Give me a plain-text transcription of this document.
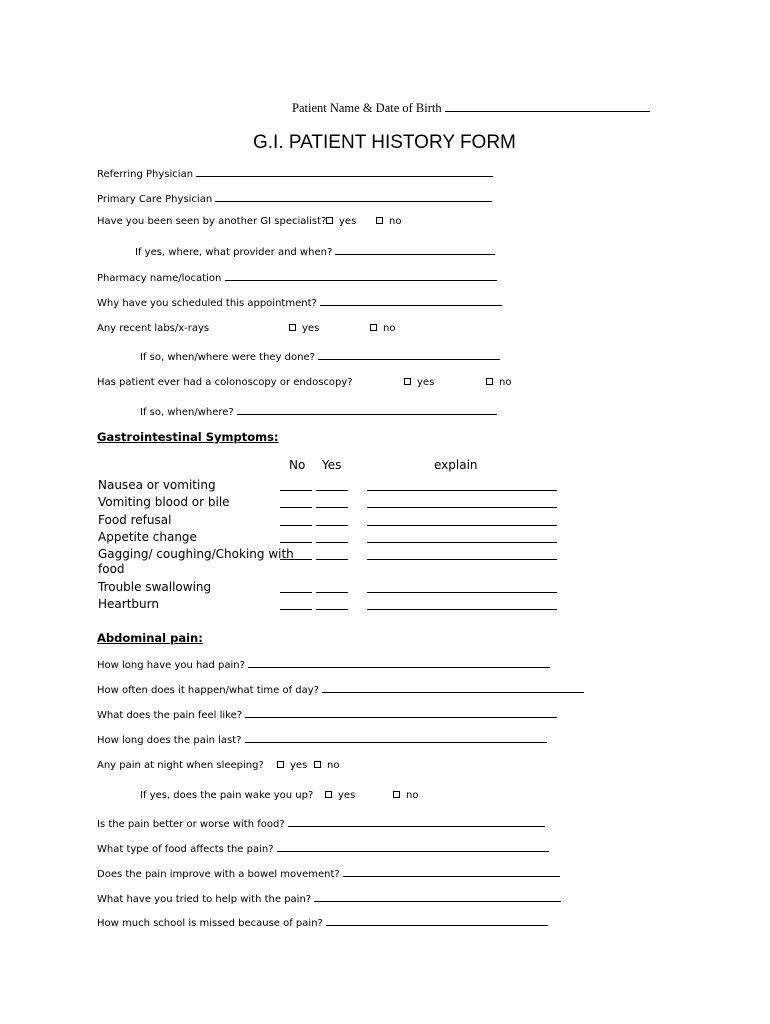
Patient Name & Date of Birth
G.I. PATIENT HISTORY FORM
Referring Physician
Primary Care Physician
Have you been seen by another GI specialist? yes	no
If yes, where, what provider and when?
Pharmacy name/location
Why have you scheduled this appointment?
Any recent labs/x-rays	yes	no
If so, when/where were they done?
Has patient ever had a colonoscopy or endoscopy?	yes	no
If so, when/where?
Gastrointestinal Symptoms:
No Yes	explain
Nausea or vomiting
Vomiting blood or bile
Food refusal
Appetite change
Gagging/ coughing/Choking with
food
Trouble swallowing
Heartburn
Abdominal pain:
How long have you had pain?
How often does it happen/what time of day?
What does the pain feel like?
How long does the pain last?
Any pain at night when sleeping?	yes no
If yes, does the pain wake you up? yes	no
Is the pain better or worse with food?
What type of food affects the pain?
Does the pain improve with a bowel movement?
What have you tried to help with the pain?
How much school is missed because of pain?
